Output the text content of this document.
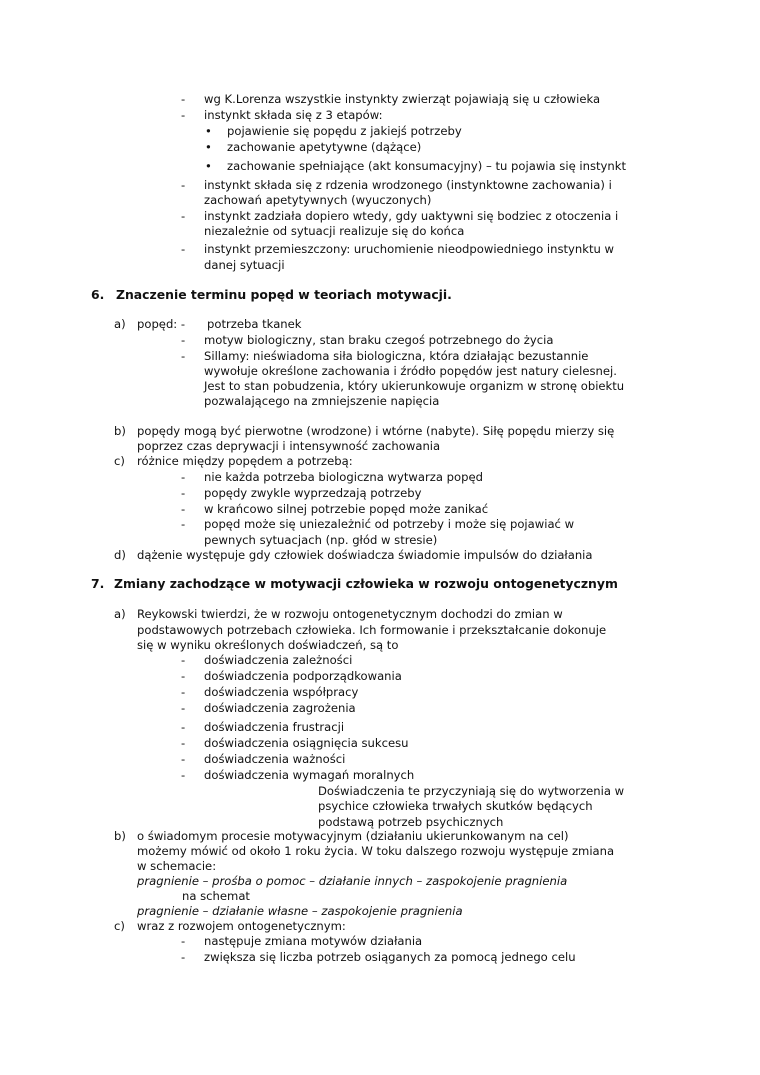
- wg K.Lorenza wszystkie instynkty zwierząt pojawiają się u człowieka
- instynkt składa się z 3 etapów:
• pojawienie się popędu z jakiejś potrzeby
• zachowanie apetytywne (dążące)
• zachowanie spełniające (akt konsumacyjny) – tu pojawia się instynkt
- instynkt składa się z rdzenia wrodzonego (instynktowne zachowania) i
zachowań apetytywnych (wyuczonych)
- instynkt zadziała dopiero wtedy, gdy uaktywni się bodziec z otoczenia i
niezależnie od sytuacji realizuje się do końca
- instynkt przemieszczony: uruchomienie nieodpowiedniego instynktu w
danej sytuacji
6. Znaczenie terminu popęd w teoriach motywacji.
a) popęd: - potrzeba tkanek
- motyw biologiczny, stan braku czegoś potrzebnego do życia
- Sillamy: nieświadoma siła biologiczna, która działając bezustannie
wywołuje określone zachowania i źródło popędów jest natury cielesnej.
Jest to stan pobudzenia, który ukierunkowuje organizm w stronę obiektu
pozwalającego na zmniejszenie napięcia
b) popędy mogą być pierwotne (wrodzone) i wtórne (nabyte). Siłę popędu mierzy się
poprzez czas deprywacji i intensywność zachowania
c) różnice między popędem a potrzebą:
- nie każda potrzeba biologiczna wytwarza popęd
- popędy zwykle wyprzedzają potrzeby
- w krańcowo silnej potrzebie popęd może zanikać
- popęd może się uniezależnić od potrzeby i może się pojawiać w
pewnych sytuacjach (np. głód w stresie)
d) dążenie występuje gdy człowiek doświadcza świadomie impulsów do działania
7. Zmiany zachodzące w motywacji człowieka w rozwoju ontogenetycznym
a) Reykowski twierdzi, że w rozwoju ontogenetycznym dochodzi do zmian w
podstawowych potrzebach człowieka. Ich formowanie i przekształcanie dokonuje
się w wyniku określonych doświadczeń, są to
- doświadczenia zależności
- doświadczenia podporządkowania
- doświadczenia współpracy
- doświadczenia zagrożenia
- doświadczenia frustracji
- doświadczenia osiągnięcia sukcesu
- doświadczenia ważności
- doświadczenia wymagań moralnych
Doświadczenia te przyczyniają się do wytworzenia w
psychice człowieka trwałych skutków będących
podstawą potrzeb psychicznych
b) o świadomym procesie motywacyjnym (działaniu ukierunkowanym na cel)
możemy mówić od około 1 roku życia. W toku dalszego rozwoju występuje zmiana
w schemacie:
pragnienie – prośba o pomoc – działanie innych – zaspokojenie pragnienia
na schemat
pragnienie – działanie własne – zaspokojenie pragnienia
c) wraz z rozwojem ontogenetycznym:
- następuje zmiana motywów działania
- zwiększa się liczba potrzeb osiąganych za pomocą jednego celu
